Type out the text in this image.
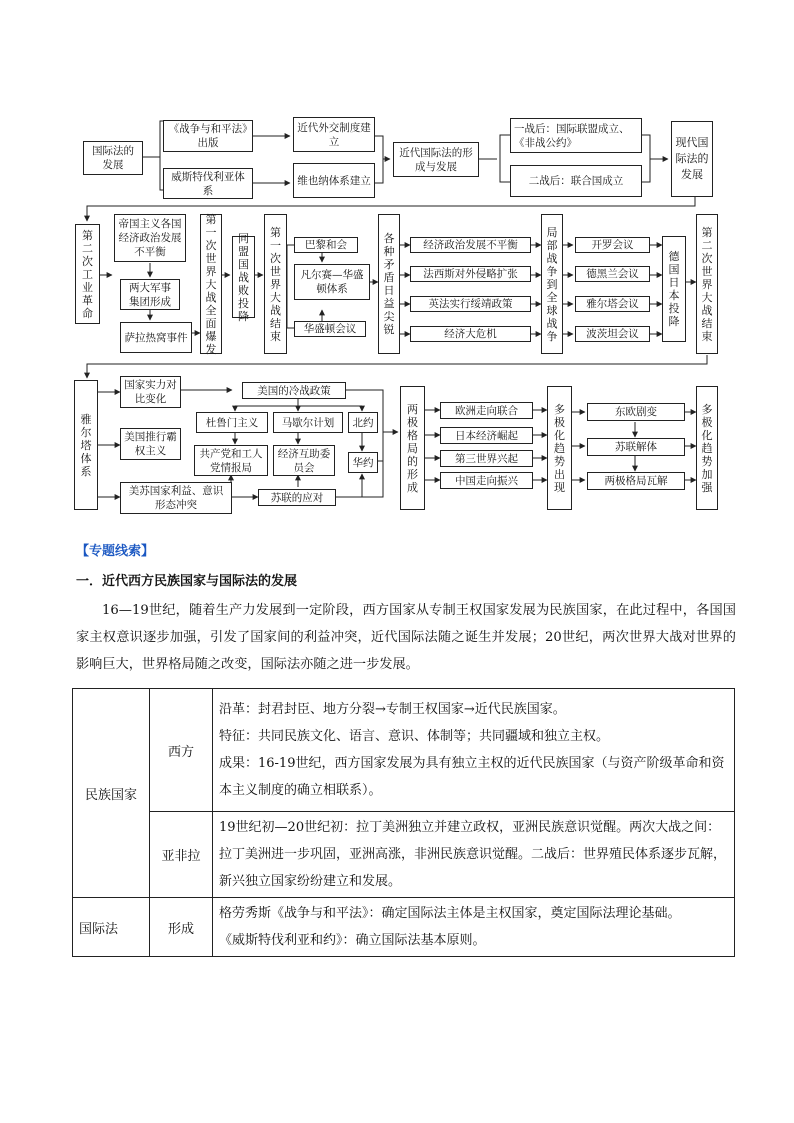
国际法的发展
《战争与和平法》出版
威斯特伐利亚体系
近代外交制度建立
维也纳体系建立
近代国际法的形成与发展
一战后：国际联盟成立、《非战公约》
二战后：联合国成立
现代国际法的发展
第二次工业革命
帝国主义各国经济政治发展不平衡
两大军事集团形成
萨拉热窝事件
第一次世界大战全面爆发
同盟国战败投降
第一次世界大战结束
巴黎和会
凡尔赛—华盛顿体系
华盛顿会议
各种矛盾日益尖锐
经济政治发展不平衡
法西斯对外侵略扩张
英法实行绥靖政策
经济大危机
局部战争到全球战争
开罗会议
德黑兰会议
雅尔塔会议
波茨坦会议
德国日本投降
第二次世界大战结束
雅尔塔体系
国家实力对比变化
美国推行霸权主义
美苏国家利益、意识形态冲突
美国的冷战政策
杜鲁门主义	马歇尔计划	北约
共产党和工人党情报局
经济互助委员会	华约
苏联的应对
两极格局的形成
欧洲走向联合
日本经济崛起
第三世界兴起
中国走向振兴
多极化趋势出现
东欧剧变
苏联解体
两极格局瓦解
多极化趋势加强
【专题线索】
一．近代西方民族国家与国际法的发展
16—19世纪，随着生产力发展到一定阶段，西方国家从专制王权国家发展为民族国家，在此过程中，各国国家主权意识逐步加强，引发了国家间的利益冲突，近代国际法随之诞生并发展；20世纪，两次世界大战对世界的影响巨大，世界格局随之改变，国际法亦随之进一步发展。
民族国家	西方	沿革：封君封臣、地方分裂→专制王权国家→近代民族国家。
特征：共同民族文化、语言、意识、体制等；共同疆域和独立主权。
成果：16-19世纪，西方国家发展为具有独立主权的近代民族国家（与资产阶级革命和资本主义制度的确立相联系）。

	亚非拉	19世纪初—20世纪初：拉丁美洲独立并建立政权，亚洲民族意识觉醒。两次大战之间：拉丁美洲进一步巩固，亚洲高涨，非洲民族意识觉醒。二战后：世界殖民体系逐步瓦解，新兴独立国家纷纷建立和发展。

国际法	形成	格劳秀斯《战争与和平法》：确定国际法主体是主权国家，奠定国际法理论基础。
《威斯特伐利亚和约》：确立国际法基本原则。
